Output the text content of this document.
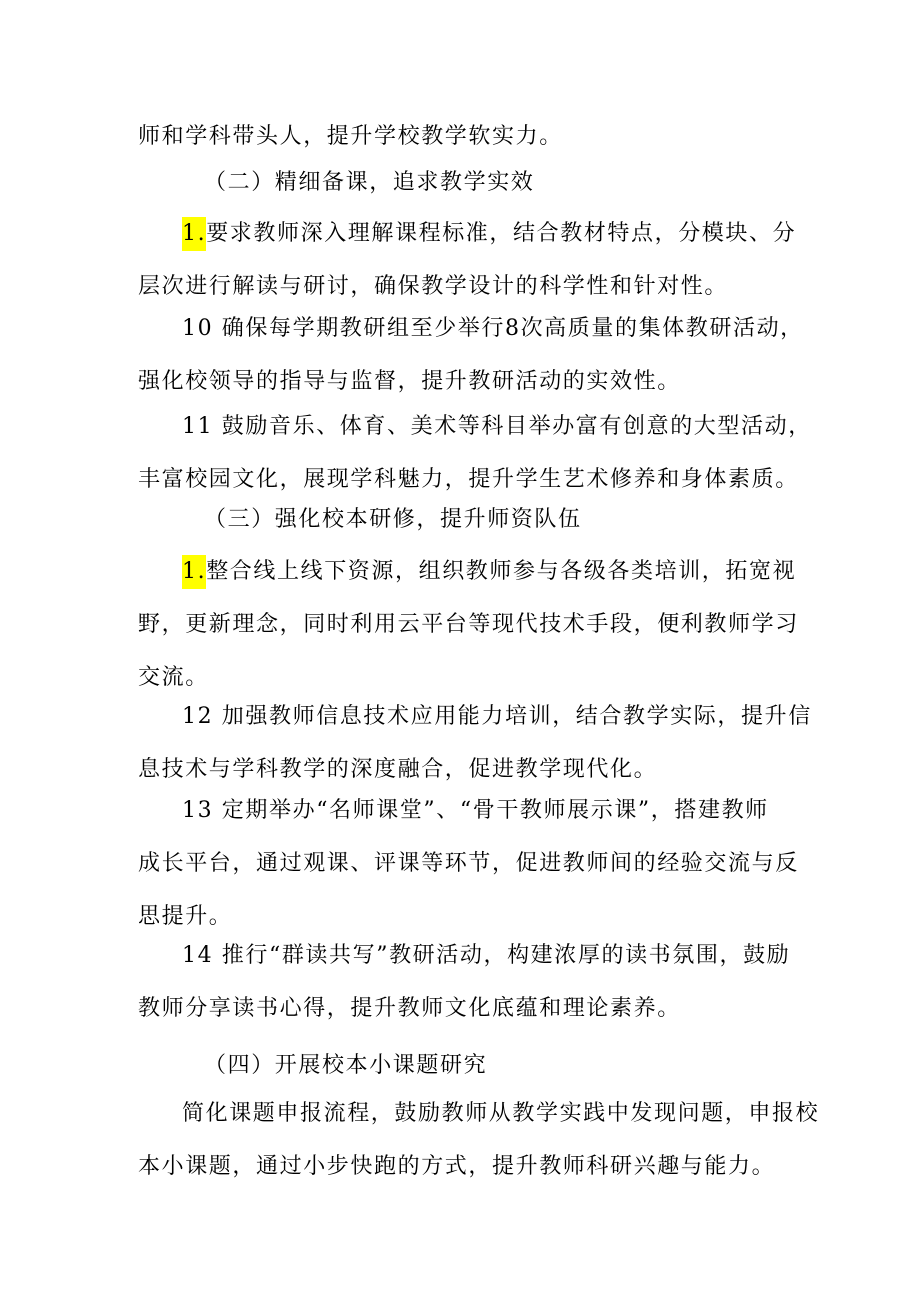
师和学科带头人，提升学校教学软实力。

（二）精细备课，追求教学实效

1.要求教师深入理解课程标准，结合教材特点，分模块、分
层次进行解读与研讨，确保教学设计的科学性和针对性。

10 确保每学期教研组至少举行8次高质量的集体教研活动，
强化校领导的指导与监督，提升教研活动的实效性。

11 鼓励音乐、体育、美术等科目举办富有创意的大型活动，
丰富校园文化，展现学科魅力，提升学生艺术修养和身体素质。

（三）强化校本研修，提升师资队伍

1.整合线上线下资源，组织教师参与各级各类培训，拓宽视
野，更新理念，同时利用云平台等现代技术手段，便利教师学习
交流。

12 加强教师信息技术应用能力培训，结合教学实际，提升信
息技术与学科教学的深度融合，促进教学现代化。

13 定期举办“名师课堂”、“骨干教师展示课”，搭建教师
成长平台，通过观课、评课等环节，促进教师间的经验交流与反
思提升。

14 推行“群读共写”教研活动，构建浓厚的读书氛围，鼓励
教师分享读书心得，提升教师文化底蕴和理论素养。

（四）开展校本小课题研究

简化课题申报流程，鼓励教师从教学实践中发现问题，申报校
本小课题，通过小步快跑的方式，提升教师科研兴趣与能力。
